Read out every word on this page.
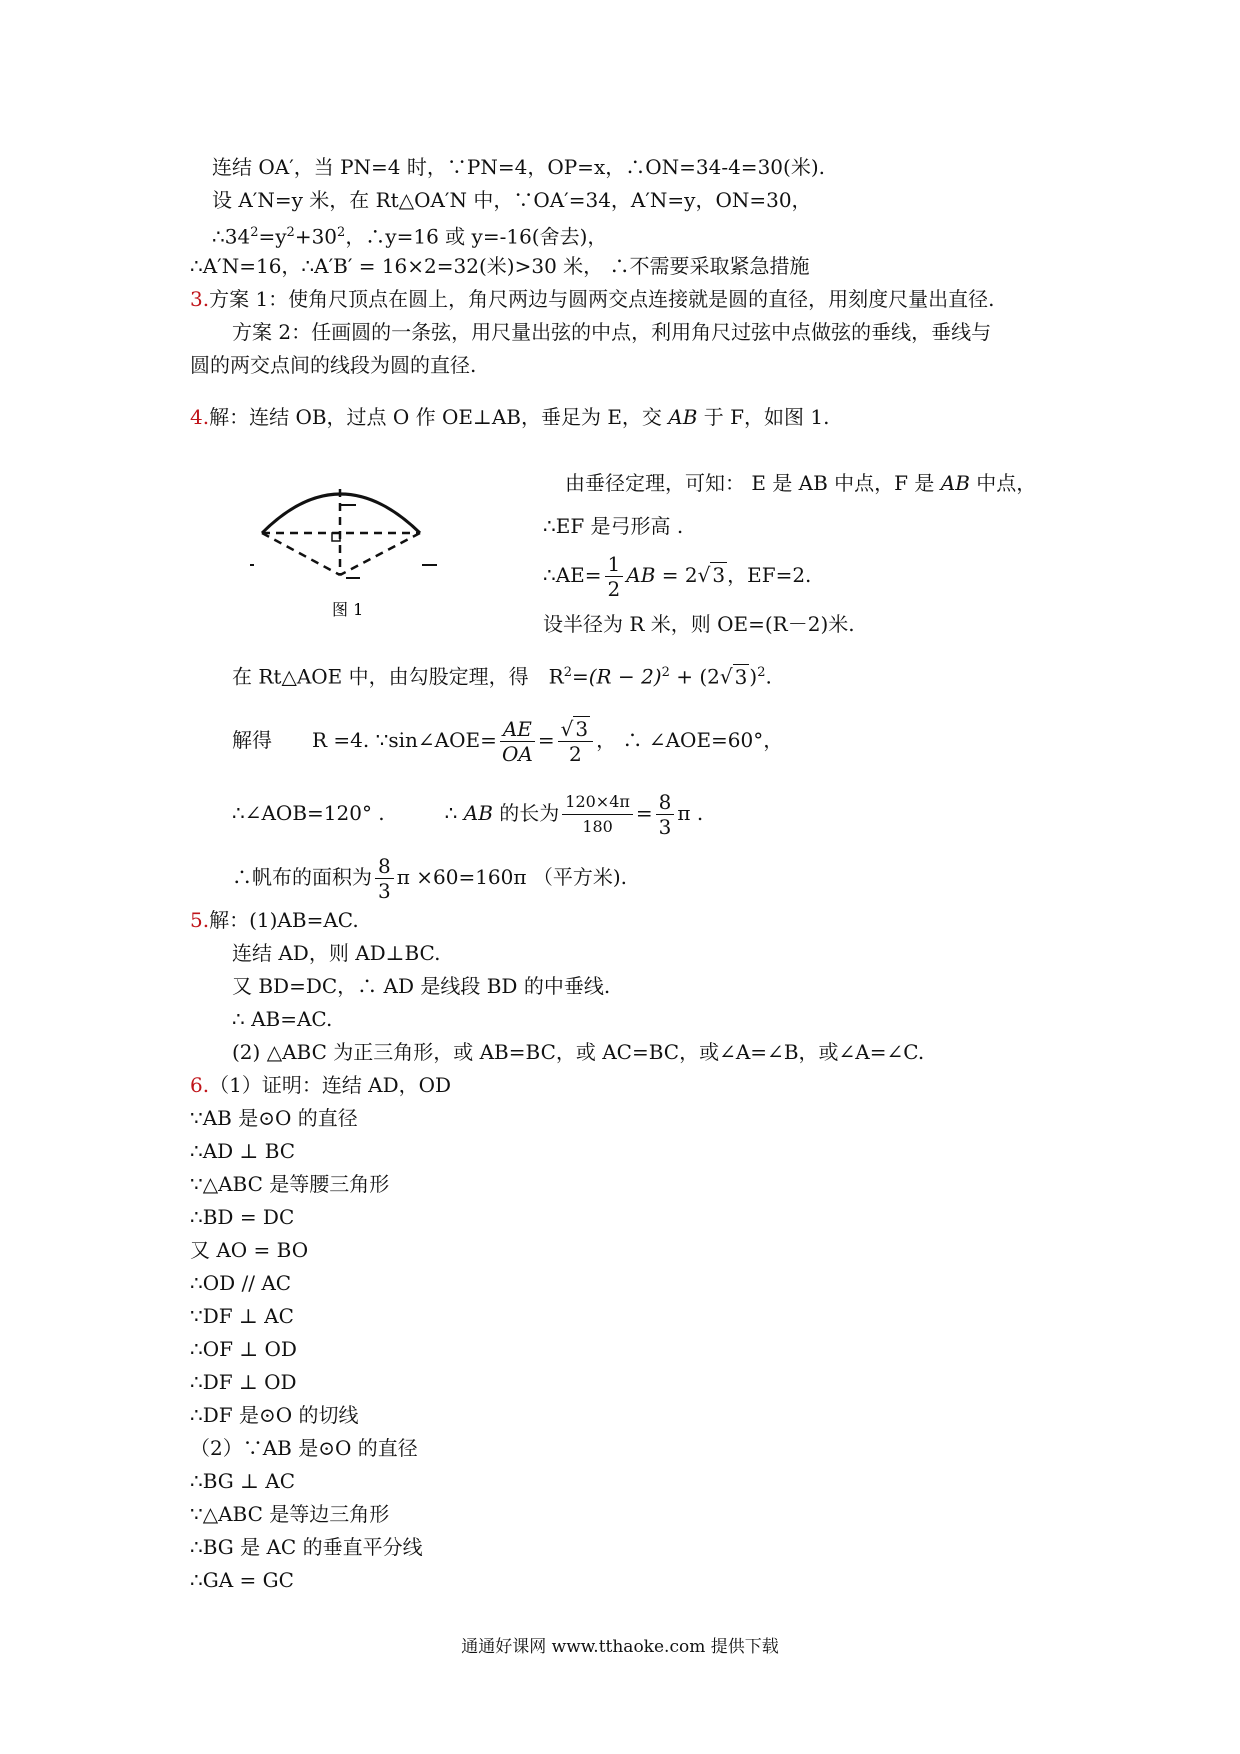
连结 OA′，当 PN=4 时，∵PN=4，OP=x，∴ON=34-4=30(米).
设 A′N=y 米，在 Rt△OA′N 中，∵OA′=34，A′N=y，ON=30，
$\therefore 34^2=y^2+30^2$，∴y=16 或 y=-16(舍去)，
∴A′N=16，∴A′B′ = 16×2=32(米)>30 米， ∴不需要采取紧急措施
3.方案 1：使角尺顶点在圆上，角尺两边与圆两交点连接就是圆的直径，用刻度尺量出直径.
方案 2：任画圆的一条弦，用尺量出弦的中点，利用角尺过弦中点做弦的垂线，垂线与
圆的两交点间的线段为圆的直径.
4.解：连结 OB，过点 O 作 OE⊥AB，垂足为 E，交 AB 于 F，如图 1.
图 1
由垂径定理，可知： E 是 AB 中点，F 是 AB 中点，
∴EF 是弓形高 .
∴AE= $\frac{1}{2}$ AB = 2√ 3 ，EF=2.
设半径为 R 米，则 OE=(R－2)米.
在 Rt△AOE 中，由勾股定理，得　 $R^2=(R - 2)^2 + (2√$ 3 )$^2$.
解得　　 R =4. ∵sin∠AOE= $\frac{AE}{OA} = \frac{√ 3}{2}$ ， ∴ ∠AOE=60°，
∴∠AOB=120° .　　　	∴ AB 的长为 $\frac{120\times 4\pi}{180} = \frac{8}{3}$ π .
∴帆布的面积为 $\frac{8}{3}$ π ×60=160π （平方米).
5.解：(1)AB=AC.
连结 AD，则 AD⊥BC.
又 BD=DC，∴ AD 是线段 BD 的中垂线.
∴ AB=AC.
(2) △ABC 为正三角形，或 AB=BC，或 AC=BC，或∠A=∠B，或∠A=∠C.
6.（1）证明：连结 AD，OD
∵AB 是⊙O 的直径
∴AD ⊥ BC
∵△ABC 是等腰三角形
∴BD = DC
又 AO = BO
∴OD // AC
∵DF ⊥ AC
∴OF ⊥ OD
∴DF ⊥ OD
∴DF 是⊙O 的切线
（2）∵AB 是⊙O 的直径
∴BG ⊥ AC
∵△ABC 是等边三角形
∴BG 是 AC 的垂直平分线
∴GA = GC
通通好课网 www.tthaoke.com 提供下载
